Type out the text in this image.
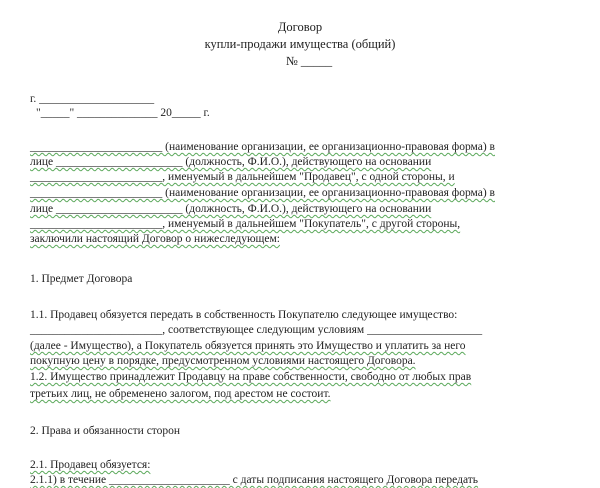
Договор
купли-продажи имущества (общий)
№ _____
г. ____________________
"_____" ______________ 20_____ г.
_______________________ (наименование организации, ее организационно-правовая форма) в
лице ______________________ (должность, Ф.И.О.), действующего на основании
_______________________, именуемый в дальнейшем "Продавец", с одной стороны, и
_______________________ (наименование организации, ее организационно-правовая форма) в
лице ______________________ (должность, Ф.И.О.), действующего на основании
_______________________, именуемый в дальнейшем "Покупатель", с другой стороны,
заключили настоящий Договор о нижеследующем:
1. Предмет Договора
1.1. Продавец обязуется передать в собственность Покупателю следующее имущество:
_______________________, соответствующее следующим условиям ____________________
(далее - Имущество), а Покупатель обязуется принять это Имущество и уплатить за него
покупную цену в порядке, предусмотренном условиями настоящего Договора.
1.2. Имущество принадлежит Продавцу на праве собственности, свободно от любых прав
третьих лиц, не обременено залогом, под арестом не состоит.
2. Права и обязанности сторон
2.1. Продавец обязуется:
2.1.1) в течение _____________________ с даты подписания настоящего Договора передать
